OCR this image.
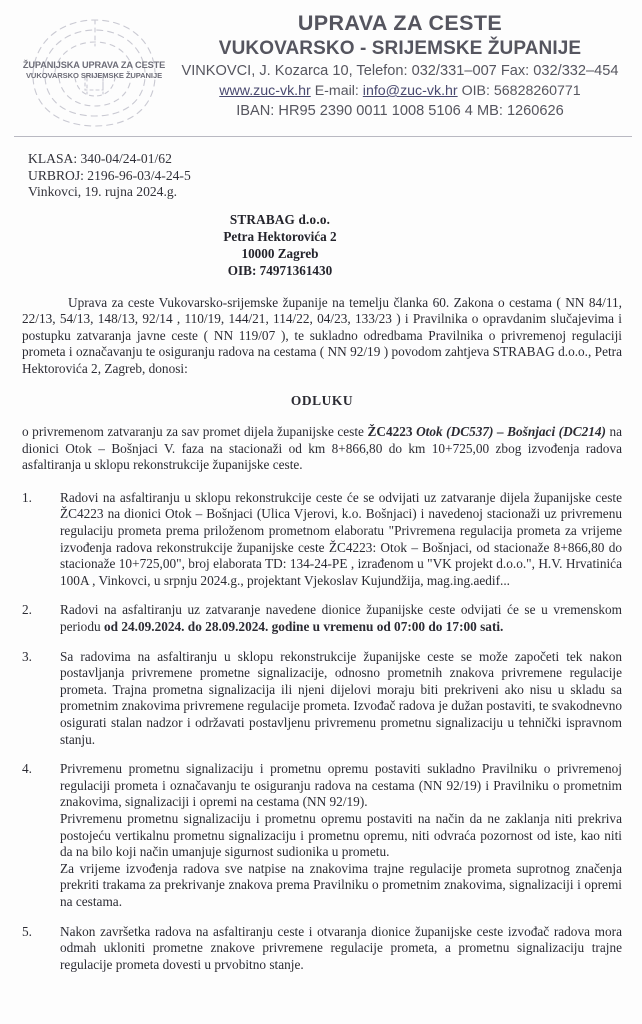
ŽUPANIJSKA UPRAVA ZA CESTE
VUKOVARSKO SRIJEMSKE ŽUPANIJE
UPRAVA ZA CESTE
VUKOVARSKO - SRIJEMSKE ŽUPANIJE
VINKOVCI, J. Kozarca 10, Telefon: 032/331–007 Fax: 032/332–454
www.zuc-vk.hr E-mail: info@zuc-vk.hr OIB: 56828260771
IBAN: HR95 2390 0011 1008 5106 4 MB: 1260626
KLASA: 340-04/24-01/62
URBROJ: 2196-96-03/4-24-5
Vinkovci, 19. rujna 2024.g.
STRABAG d.o.o.
Petra Hektorovića 2
10000 Zagreb
OIB: 74971361430

Uprava za ceste Vukovarsko-srijemske županije na temelju članka 60. Zakona o cestama ( NN 84/11, 22/13, 54/13, 148/13, 92/14 , 110/19, 144/21, 114/22, 04/23, 133/23 ) i Pravilnika o opravdanim slučajevima i postupku zatvaranja javne ceste ( NN 119/07 ), te sukladno odredbama Pravilnika o privremenoj regulaciji prometa i označavanju te osiguranju radova na cestama ( NN 92/19 ) povodom zahtjeva STRABAG d.o.o., Petra Hektorovića 2, Zagreb, donosi:

ODLUKU

o privremenom zatvaranju za sav promet dijela županijske ceste ŽC4223 Otok (DC537) – Bošnjaci (DC214) na dionici Otok – Bošnjaci V. faza na stacionaži od km 8+866,80 do km 10+725,00 zbog izvođenja radova asfaltiranja u sklopu rekonstrukcije županijske ceste.

1.	Radovi na asfaltiranju u sklopu rekonstrukcije ceste će se odvijati uz zatvaranje dijela županijske ceste ŽC4223 na dionici Otok – Bošnjaci (Ulica Vjerovi, k.o. Bošnjaci) i navedenoj stacionaži uz privremenu regulaciju prometa prema priloženom prometnom elaboratu "Privremena regulacija prometa za vrijeme izvođenja radova rekonstrukcije županijske ceste ŽC4223: Otok – Bošnjaci, od stacionaže 8+866,80 do stacionaže 10+725,00", broj elaborata TD: 134-24-PE , izrađenom u "VK projekt d.o.o.", H.V. Hrvatinića 100A , Vinkovci, u srpnju 2024.g., projektant Vjekoslav Kujundžija, mag.ing.aedif...

2.	Radovi na asfaltiranju uz zatvaranje navedene dionice županijske ceste odvijati će se u vremenskom periodu od 24.09.2024. do 28.09.2024. godine u vremenu od 07:00 do 17:00 sati.

3.	Sa radovima na asfaltiranju u sklopu rekonstrukcije županijske ceste se može započeti tek nakon postavljanja privremene prometne signalizacije, odnosno prometnih znakova privremene regulacije prometa. Trajna prometna signalizacija ili njeni dijelovi moraju biti prekriveni ako nisu u skladu sa prometnim znakovima privremene regulacije prometa. Izvođač radova je dužan postaviti, te svakodnevno osigurati stalan nadzor i održavati postavljenu privremenu prometnu signalizaciju u tehnički ispravnom stanju.

4.	Privremenu prometnu signalizaciju i prometnu opremu postaviti sukladno Pravilniku o privremenoj regulaciji prometa i označavanju te osiguranju radova na cestama (NN 92/19) i Pravilniku o prometnim znakovima, signalizaciji i opremi na cestama (NN 92/19).

Privremenu prometnu signalizaciju i prometnu opremu postaviti na način da ne zaklanja niti prekriva postojeću vertikalnu prometnu signalizaciju i prometnu opremu, niti odvraća pozornost od iste, kao niti da na bilo koji način umanjuje sigurnost sudionika u prometu.

Za vrijeme izvođenja radova sve natpise na znakovima trajne regulacije prometa suprotnog značenja prekriti trakama za prekrivanje znakova prema Pravilniku o prometnim znakovima, signalizaciji i opremi na cestama.

5.	Nakon završetka radova na asfaltiranju ceste i otvaranja dionice županijske ceste izvođač radova mora odmah ukloniti prometne znakove privremene regulacije prometa, a prometnu signalizaciju trajne regulacije prometa dovesti u prvobitno stanje.
